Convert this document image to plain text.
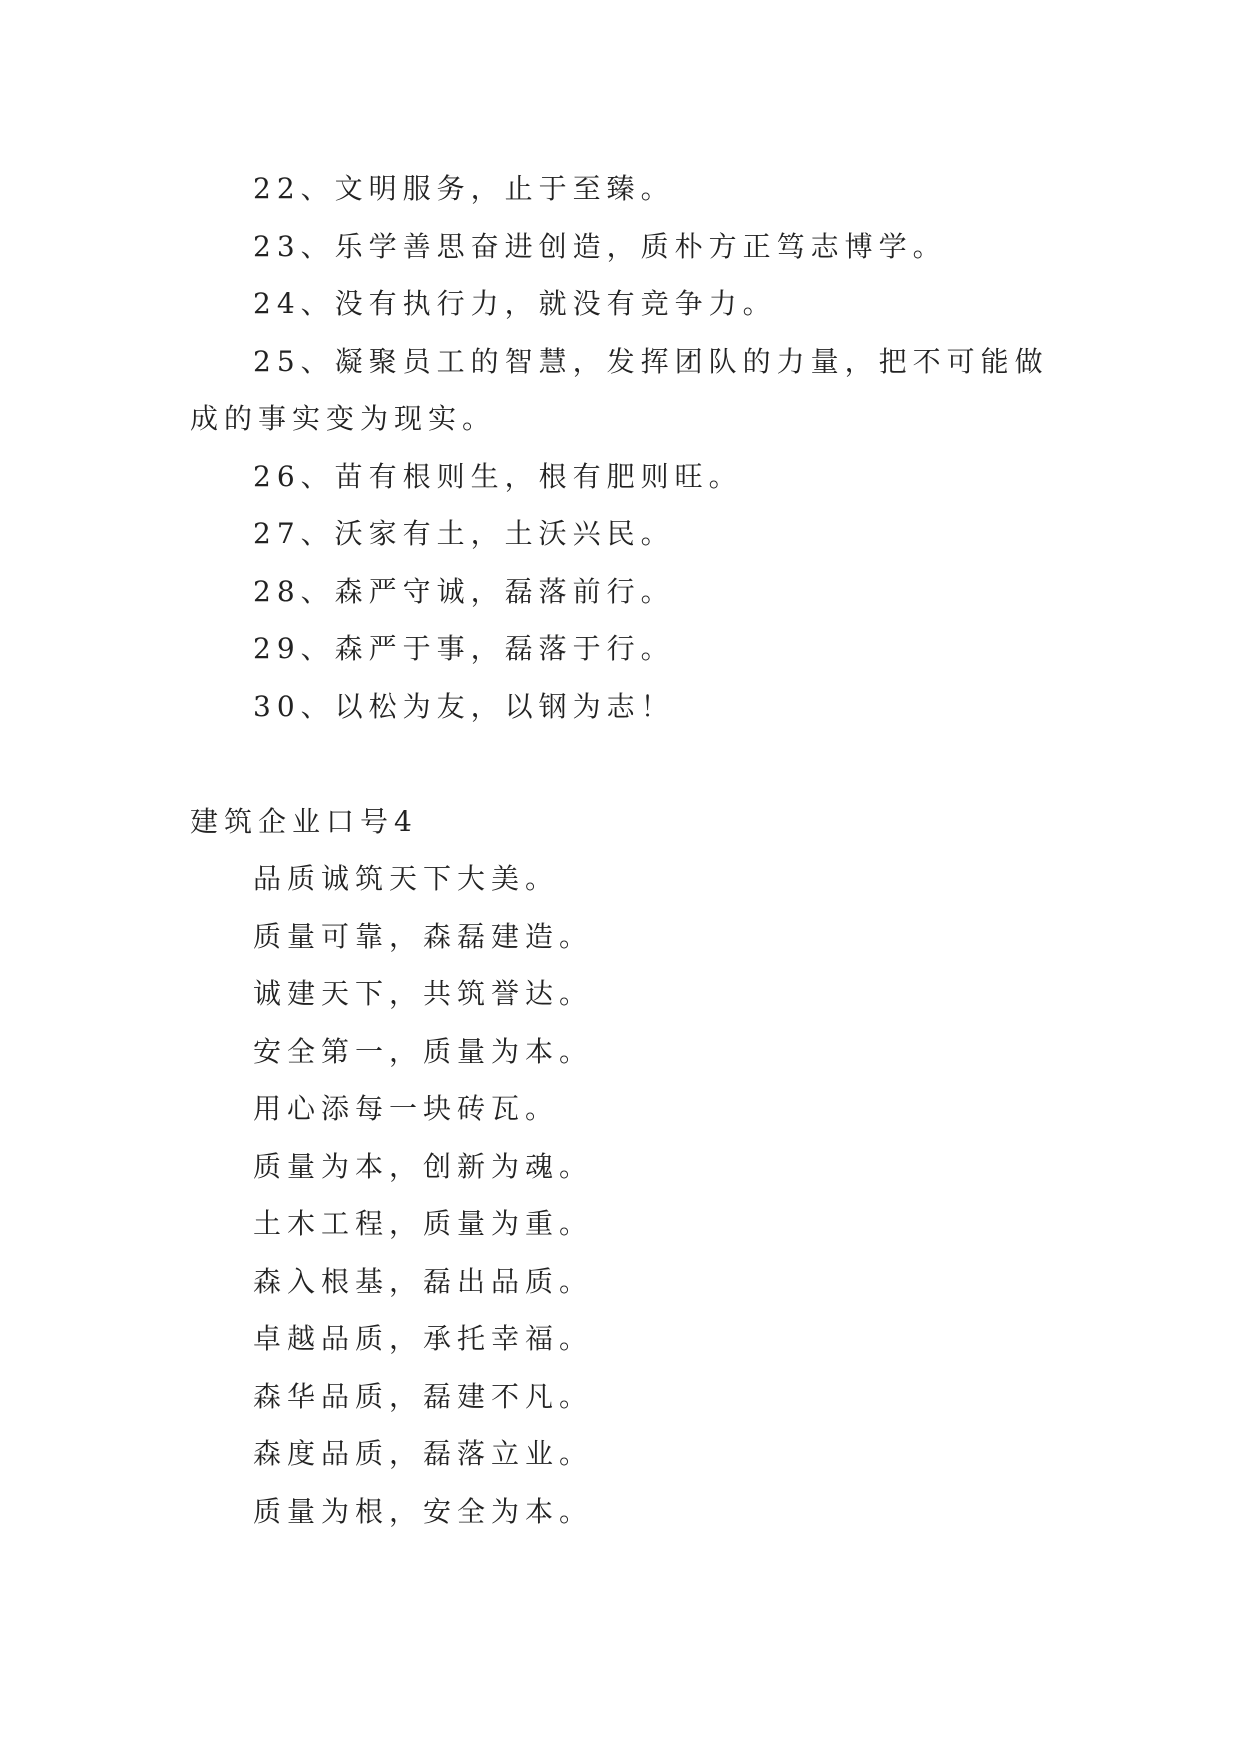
22、文明服务，止于至臻。

23、乐学善思奋进创造，质朴方正笃志博学。

24、没有执行力，就没有竞争力。

25、凝聚员工的智慧，发挥团队的力量，把不可能做成的事实变为现实。

26、苗有根则生，根有肥则旺。

27、沃家有土，土沃兴民。

28、森严守诚，磊落前行。

29、森严于事，磊落于行。

30、以松为友，以钢为志！

建筑企业口号4

品质诚筑天下大美。

质量可靠，森磊建造。

诚建天下，共筑誉达。

安全第一，质量为本。

用心添每一块砖瓦。

质量为本，创新为魂。

土木工程，质量为重。

森入根基，磊出品质。

卓越品质，承托幸福。

森华品质，磊建不凡。

森度品质，磊落立业。

质量为根，安全为本。
